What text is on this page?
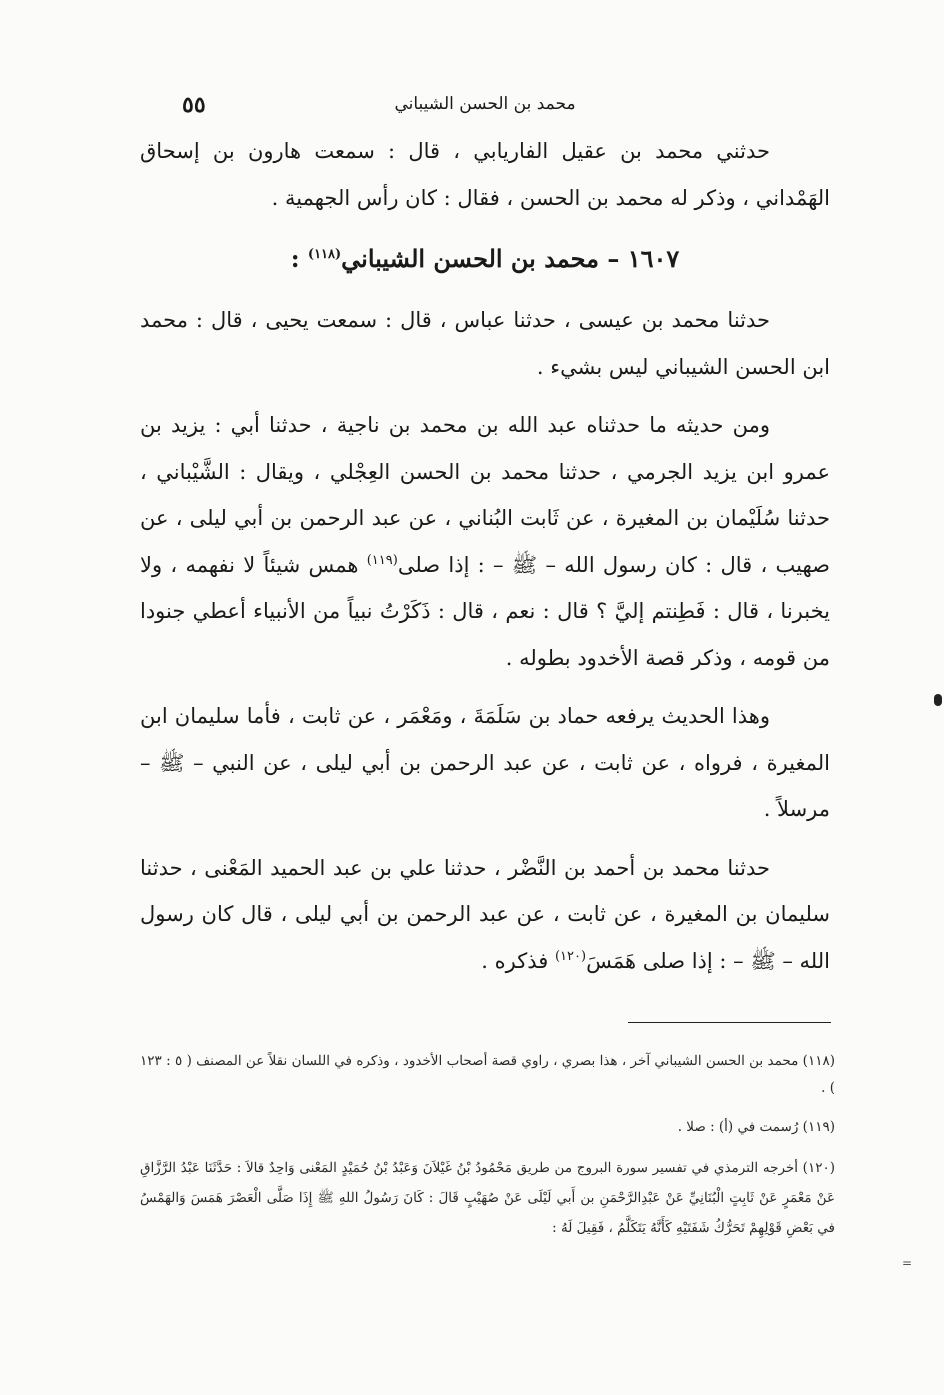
٥٥	محمد بن الحسن الشيباني

حدثني محمد بن عقيل الفاريابي ، قال : سمعت هارون بن إسحاق الهَمْداني ، وذكر له محمد بن الحسن ، فقال : كان رأس الجهمية .

١٦٠٧ – محمد بن الحسن الشيباني$^{(١١٨)}$ :

حدثنا محمد بن عيسى ، حدثنا عباس ، قال : سمعت يحيى ، قال : محمد ابن الحسن الشيباني ليس بشيء .

ومن حديثه ما حدثناه عبد الله بن محمد بن ناجية ، حدثنا أبي : يزيد بن عمرو ابن يزيد الجرمي ، حدثنا محمد بن الحسن العِجْلي ، ويقال : الشَّيْباني ، حدثنا سُلَيْمان بن المغيرة ، عن ثَابت البُناني ، عن عبد الرحمن بن أبي ليلى ، عن صهيب ، قال : كان رسول الله – ﷺ – : إذا صلى$^{(١١٩)}$ همس شيئاً لا نفهمه ، ولا يخبرنا ، قال : فَطِنتم إليَّ ؟ قال : نعم ، قال : ذَكَرْتُ نبياً من الأنبياء أعطي جنودا من قومه ، وذكر قصة الأخدود بطوله .

وهذا الحديث يرفعه حماد بن سَلَمَةَ ، ومَعْمَر ، عن ثابت ، فأما سليمان ابن المغيرة ، فرواه ، عن ثابت ، عن عبد الرحمن بن أبي ليلى ، عن النبي – ﷺ – مرسلاً .

حدثنا محمد بن أحمد بن النَّضْر ، حدثنا علي بن عبد الحميد المَعْنى ، حدثنا سليمان بن المغيرة ، عن ثابت ، عن عبد الرحمن بن أبي ليلى ، قال كان رسول الله – ﷺ – : إذا صلى هَمَسَ$^{(١٢٠)}$ فذكره .

(١١٨) محمد بن الحسن الشيباني آخر ، هذا بصري ، راوي قصة أصحاب الأخدود ، وذكره في اللسان نقلاً عن المصنف ( ٥ : ١٢٣ ) .

(١١٩) رُسمت في (أ) : صلا .

(١٢٠) أخرجه الترمذي في تفسير سورة البروج من طريق مَحْمُودُ بْنُ غَيْلاَنَ وَعَبْدُ بْنُ حُمَيْدٍ المَعْنى وَاحِدٌ قالاَ : حَدَّثَنَا عَبْدُ الرَّزَّاقِ عَنْ مَعْمَرٍ عَنْ ثَابِتٍ الْبُنَانِيِّ عَنْ عَبْدِالرَّحْمَنِ بن أَبي لَيْلَى عَنْ صُهَيْبٍ قَالَ : كَانَ رَسُولُ اللهِ ﷺ إِذَا صَلَّى الْعَصْرَ هَمَسَ وَالهَمْسُ في بَعْضِ قَوْلِهِمْ تَحَرُّكُ شَفَتَيْهِ كَأَنَّهُ يَتَكَلَّمُ ، فَقِيلَ لَهُ :

=
